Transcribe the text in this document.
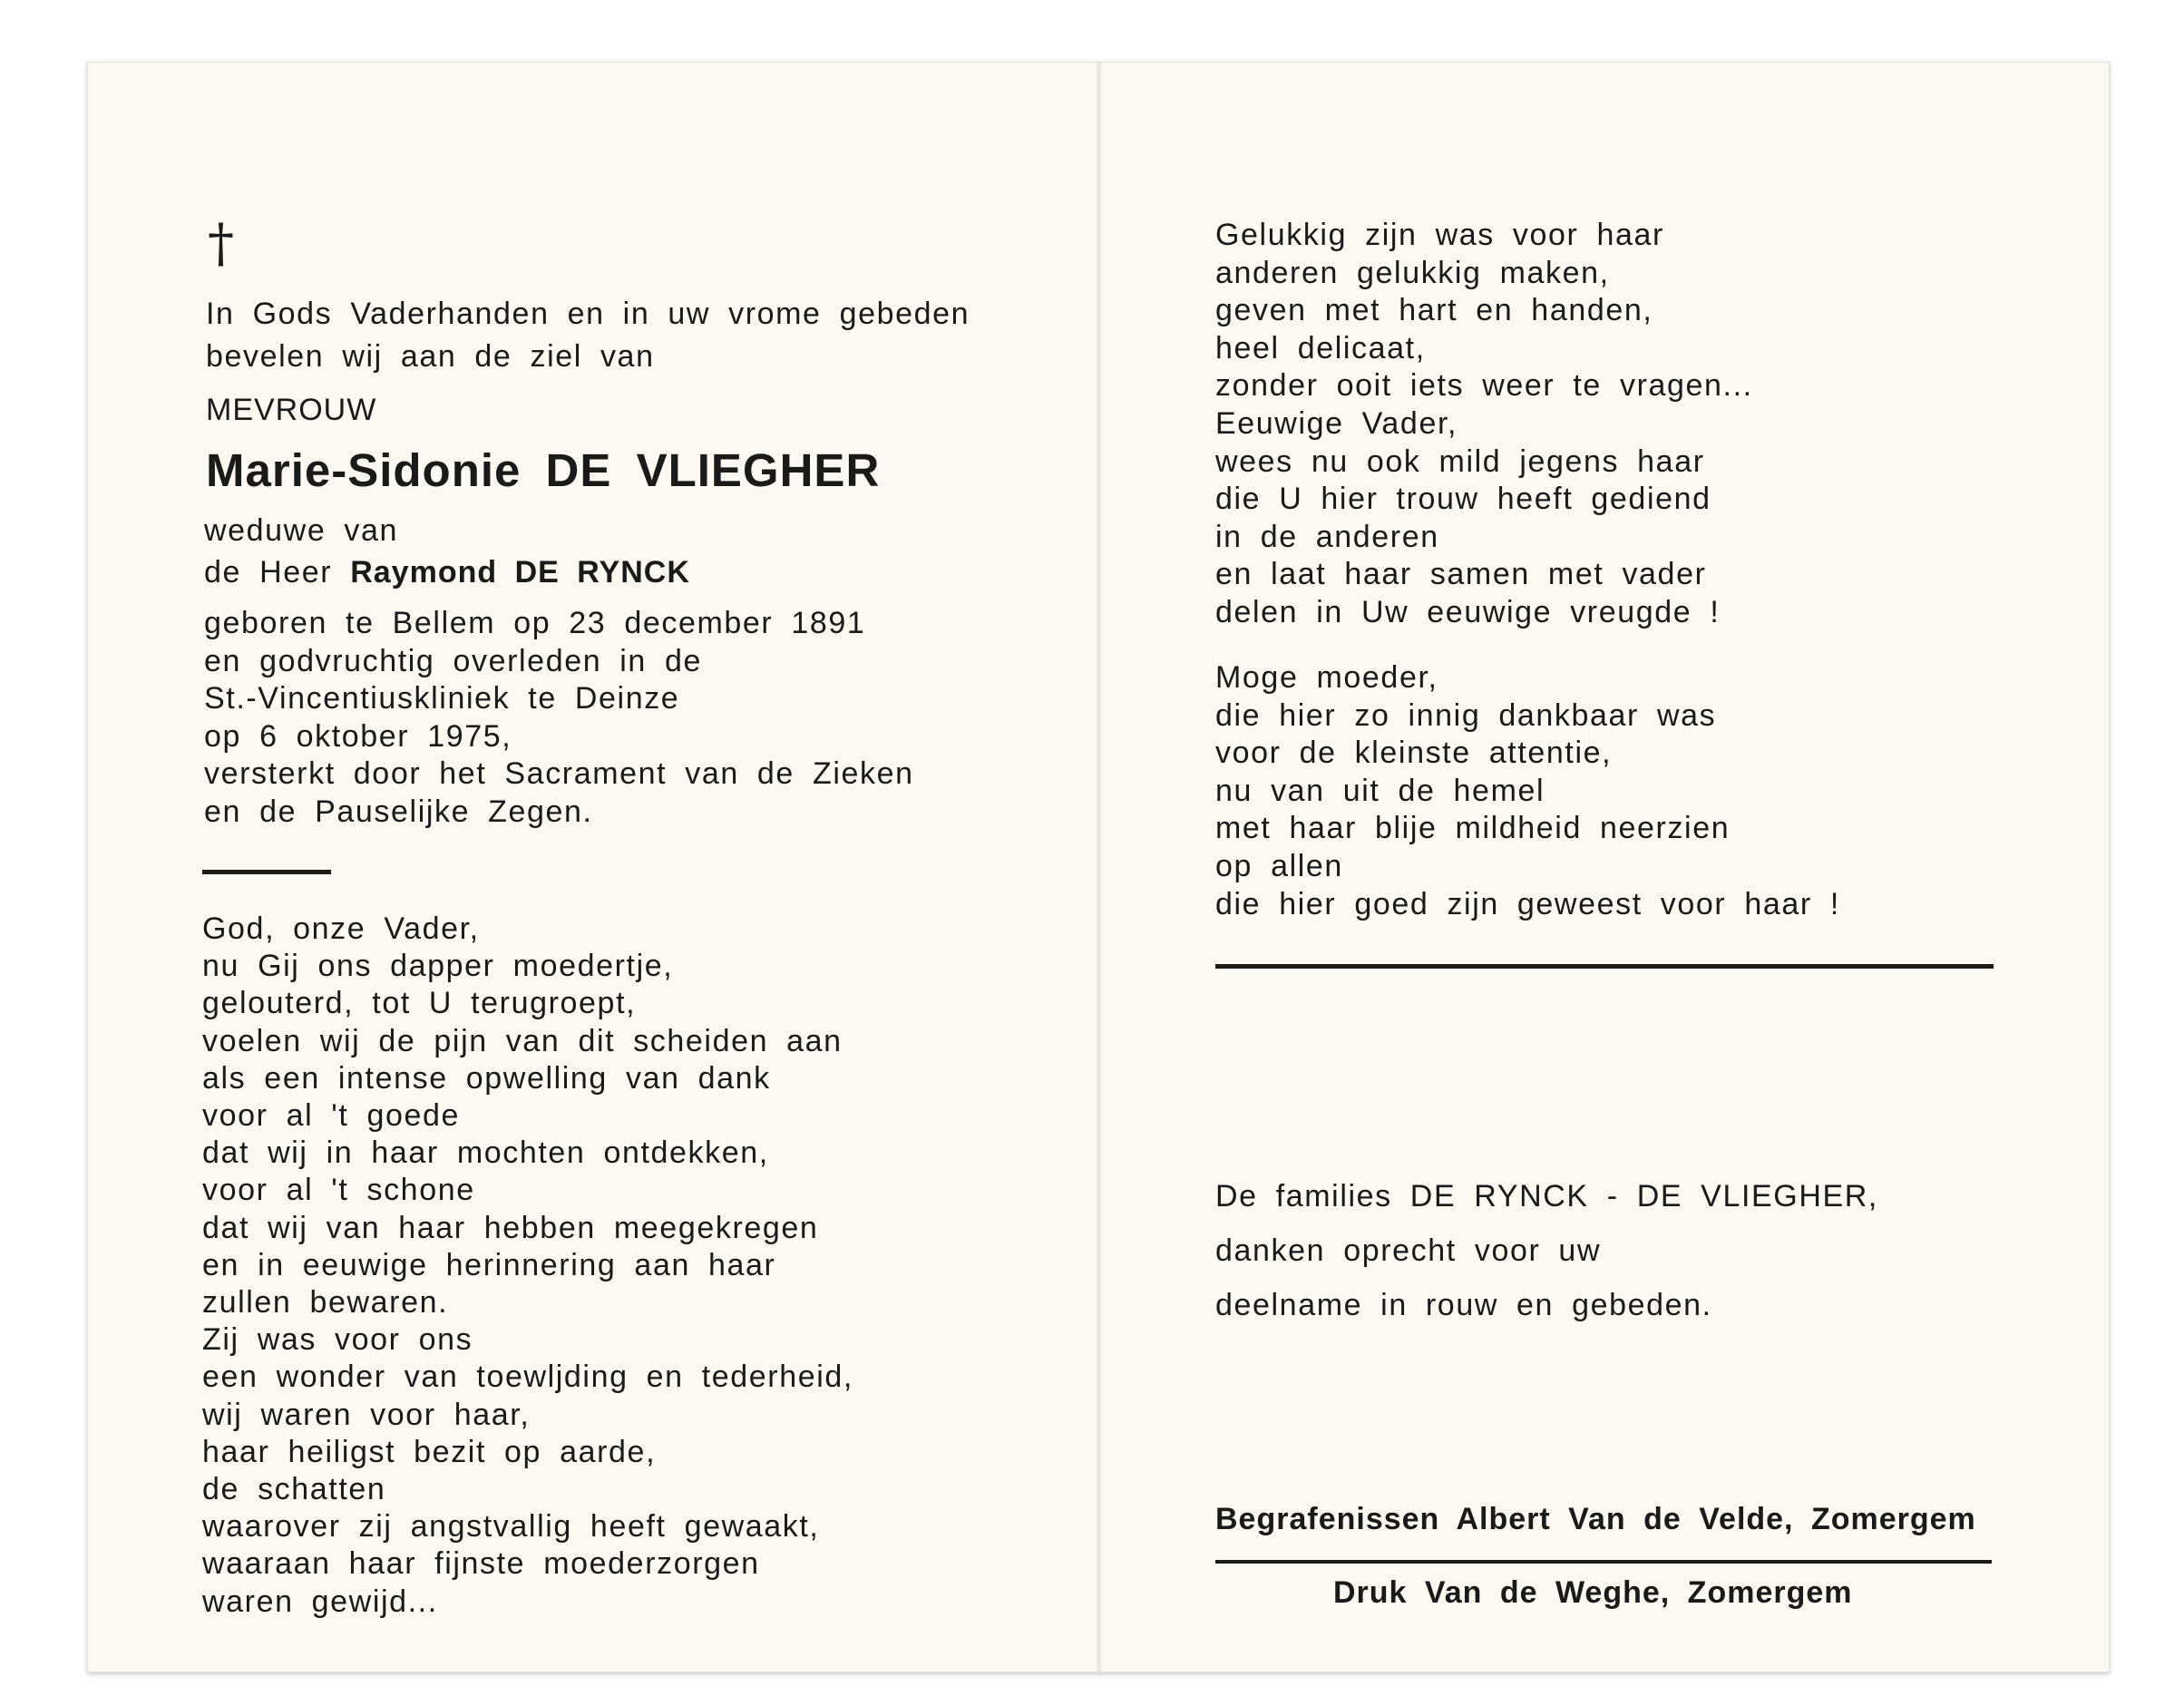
†
In Gods Vaderhanden en in uw vrome gebeden
bevelen wij aan de ziel van
MEVROUW
Marie-Sidonie DE VLIEGHER
weduwe van
de Heer Raymond DE RYNCK
geboren te Bellem op 23 december 1891
en godvruchtig overleden in de
St.-Vincentiuskliniek te Deinze
op 6 oktober 1975,
versterkt door het Sacrament van de Zieken
en de Pauselijke Zegen.
God, onze Vader,
nu Gij ons dapper moedertje,
gelouterd, tot U terugroept,
voelen wij de pijn van dit scheiden aan
als een intense opwelling van dank
voor al 't goede
dat wij in haar mochten ontdekken,
voor al 't schone
dat wij van haar hebben meegekregen
en in eeuwige herinnering aan haar
zullen bewaren.
Zij was voor ons
een wonder van toewljding en tederheid,
wij waren voor haar,
haar heiligst bezit op aarde,
de schatten
waarover zij angstvallig heeft gewaakt,
waaraan haar fijnste moederzorgen
waren gewijd...
Gelukkig zijn was voor haar
anderen gelukkig maken,
geven met hart en handen,
heel delicaat,
zonder ooit iets weer te vragen...
Eeuwige Vader,
wees nu ook mild jegens haar
die U hier trouw heeft gediend
in de anderen
en laat haar samen met vader
delen in Uw eeuwige vreugde !
Moge moeder,
die hier zo innig dankbaar was
voor de kleinste attentie,
nu van uit de hemel
met haar blije mildheid neerzien
op allen
die hier goed zijn geweest voor haar !
De families DE RYNCK - DE VLIEGHER,
danken oprecht voor uw
deelname in rouw en gebeden.
Begrafenissen Albert Van de Velde, Zomergem
Druk Van de Weghe, Zomergem
